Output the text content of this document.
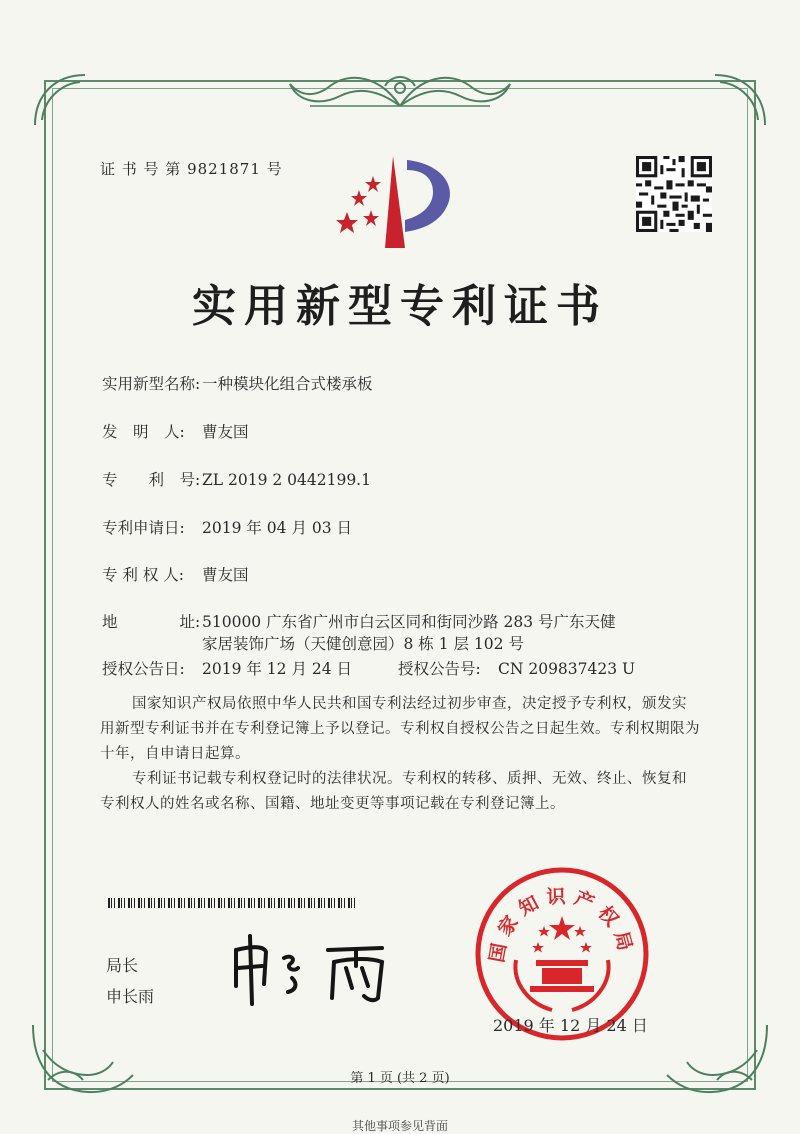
证 书 号 第 9821871 号
实用新型专利证书
实用新型名称: 一种模块化组合式楼承板
发　明　人: 曹友国
专　　利　号: ZL 2019 2 0442199.1
专利申请日: 2019 年 04 月 03 日
专 利 权 人: 曹友国
地　　　　址: 510000 广东省广州市白云区同和街同沙路 283 号广东天健
家居装饰广场（天健创意园）8 栋 1 层 102 号
授权公告日: 2019 年 12 月 24 日	授权公告号: CN 209837423 U
国家知识产权局依照中华人民共和国专利法经过初步审查，决定授予专利权，颁发实用新型专利证书并在专利登记簿上予以登记。专利权自授权公告之日起生效。专利权期限为十年，自申请日起算。
专利证书记载专利权登记时的法律状况。专利权的转移、质押、无效、终止、恢复和专利权人的姓名或名称、国籍、地址变更等事项记载在专利登记簿上。
局长
申长雨
国家知识产权局
2019 年 12 月 24 日
第 1 页 (共 2 页)
其他事项参见背面
